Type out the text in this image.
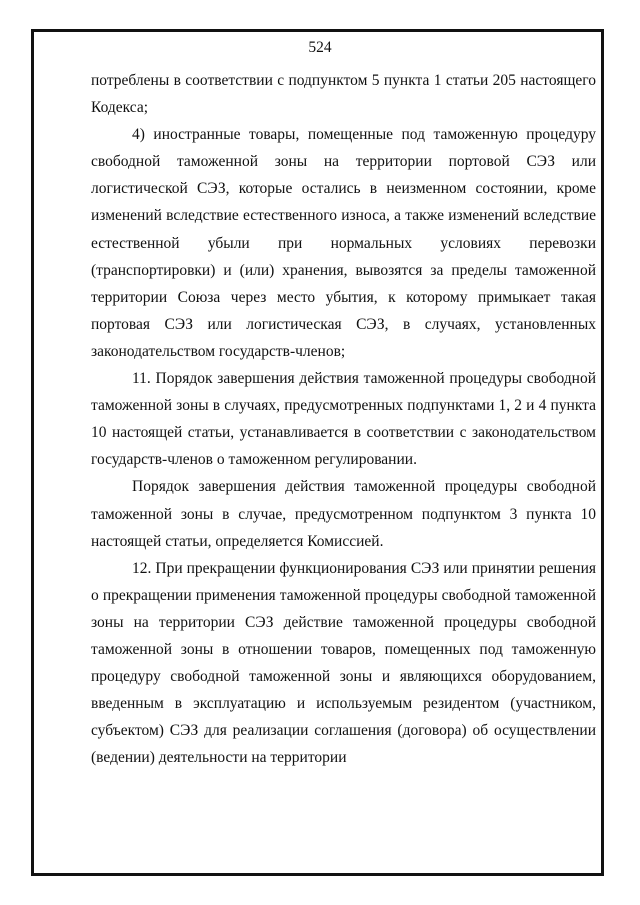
524

потреблены в соответствии с подпунктом 5 пункта 1 статьи 205 настоящего Кодекса;

4) иностранные товары, помещенные под таможенную процедуру свободной таможенной зоны на территории портовой СЭЗ или логистической СЭЗ, которые остались в неизменном состоянии, кроме изменений вследствие естественного износа, а также изменений вследствие естественной убыли при нормальных условиях перевозки (транспортировки) и (или) хранения, вывозятся за пределы таможенной территории Союза через место убытия, к которому примыкает такая портовая СЭЗ или логистическая СЭЗ, в случаях, установленных законодательством государств-членов;

11. Порядок завершения действия таможенной процедуры свободной таможенной зоны в случаях, предусмотренных подпунктами 1, 2 и 4 пункта 10 настоящей статьи, устанавливается в соответствии с законодательством государств-членов о таможенном регулировании.

Порядок завершения действия таможенной процедуры свободной таможенной зоны в случае, предусмотренном подпунктом 3 пункта 10 настоящей статьи, определяется Комиссией.

12. При прекращении функционирования СЭЗ или принятии решения о прекращении применения таможенной процедуры свободной таможенной зоны на территории СЭЗ действие таможенной процедуры свободной таможенной зоны в отношении товаров, помещенных под таможенную процедуру свободной таможенной зоны и являющихся оборудованием, введенным в эксплуатацию и используемым резидентом (участником, субъектом) СЭЗ для реализации соглашения (договора) об осуществлении (ведении) деятельности на территории
